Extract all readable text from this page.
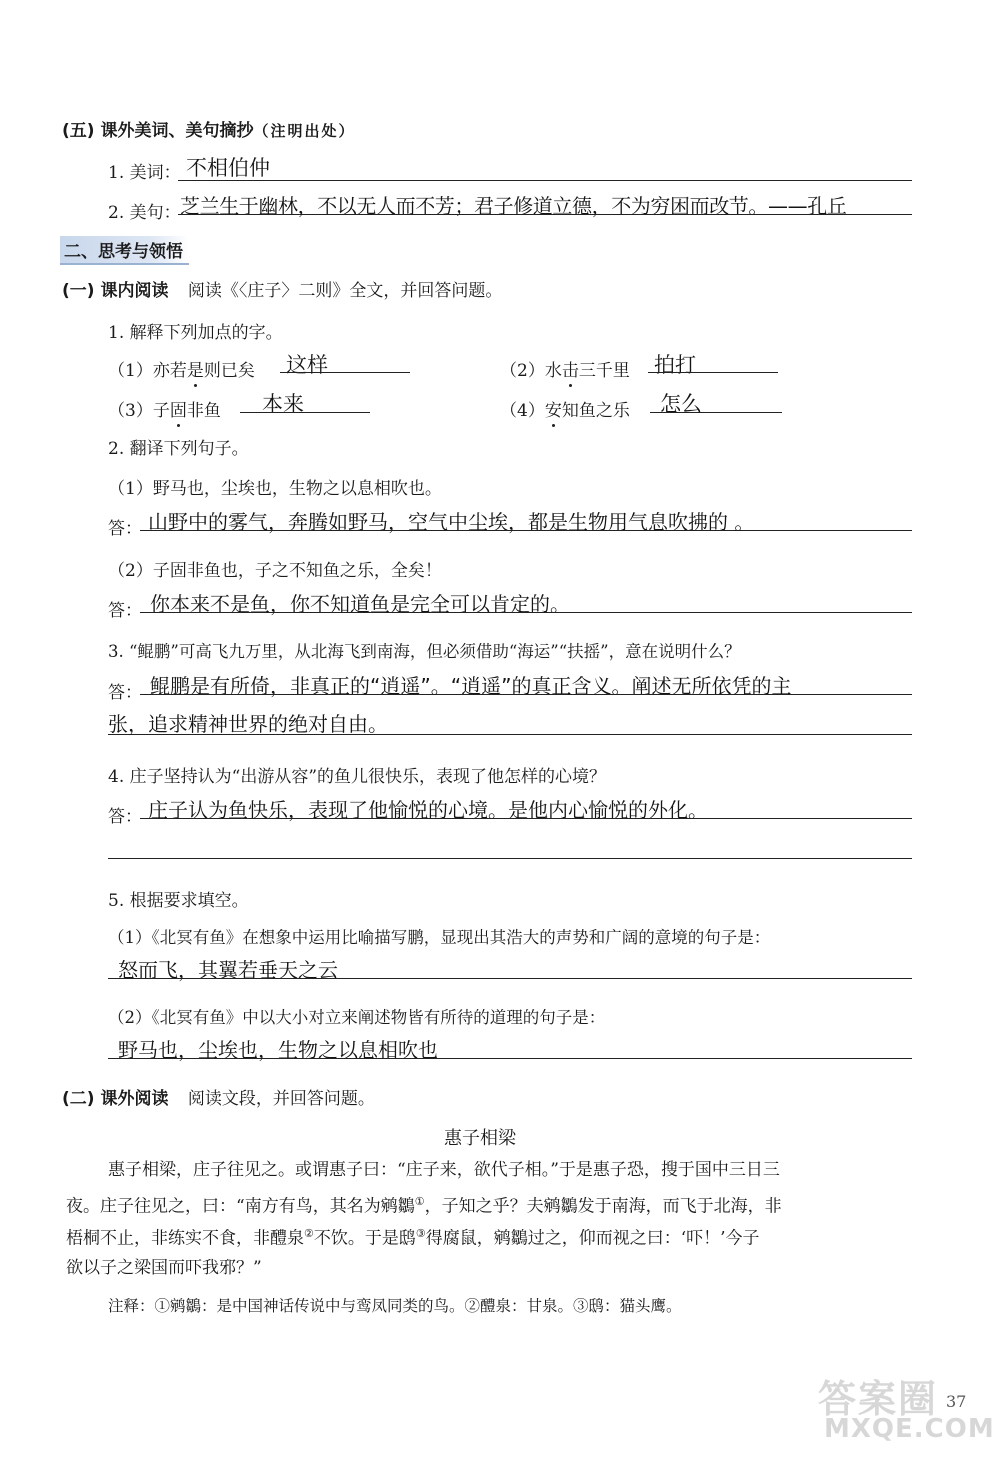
(五) 课外美词、美句摘抄（注明出处）
1. 美词： 不相伯仲
2. 美句： 芝兰生于幽林，不以无人而不芳；君子修道立德，不为穷困而改节。——孔丘
二、思考与领悟
(一) 课内阅读 阅读《〈庄子〉二则》全文，并回答问题。
1. 解释下列加点的字。
（1）亦若是则已矣 这样	（2）水击三千里 拍打
（3）子固非鱼 本来	（4）安知鱼之乐 怎么
2. 翻译下列句子。
（1）野马也，尘埃也，生物之以息相吹也。
答： 山野中的雾气，奔腾如野马，空气中尘埃，都是生物用气息吹拂的 。
（2）子固非鱼也，子之不知鱼之乐，全矣！
答： 你本来不是鱼，你不知道鱼是完全可以肯定的。
3. “鲲鹏”可高飞九万里，从北海飞到南海，但必须借助“海运”“扶摇”，意在说明什么？
答： 鲲鹏是有所倚，非真正的“逍遥”。“逍遥”的真正含义。阐述无所依凭的主
张，追求精神世界的绝对自由。
4. 庄子坚持认为“出游从容”的鱼儿很快乐，表现了他怎样的心境？
答： 庄子认为鱼快乐，表现了他愉悦的心境。是他内心愉悦的外化。
5. 根据要求填空。
（1）《北冥有鱼》在想象中运用比喻描写鹏，显现出其浩大的声势和广阔的意境的句子是：
怒而飞，其翼若垂天之云
（2）《北冥有鱼》中以大小对立来阐述物皆有所待的道理的句子是：
野马也，尘埃也，生物之以息相吹也
(二) 课外阅读 阅读文段，并回答问题。
惠子相梁
惠子相梁，庄子往见之。或谓惠子曰：“庄子来，欲代子相。”于是惠子恐，搜于国中三日三
夜。庄子往见之，曰：“南方有鸟，其名为鹓鶵①，子知之乎？夫鹓鶵发于南海，而飞于北海，非
梧桐不止，非练实不食，非醴泉②不饮。于是鸱③得腐鼠，鹓鶵过之，仰而视之曰：‘吓！’今子
欲以子之梁国而吓我邪？”
注释：①鹓鶵：是中国神话传说中与鸾凤同类的鸟。②醴泉：甘泉。③鸱：猫头鹰。
答案圈
MXQE.COM
37
